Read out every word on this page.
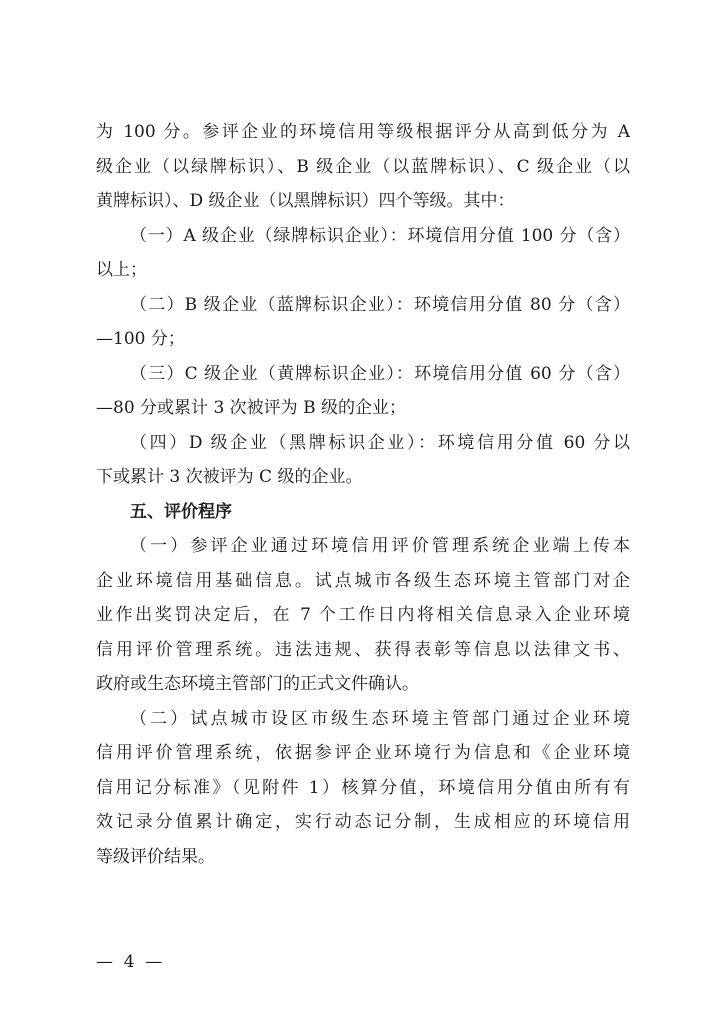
为 100 分。参评企业的环境信用等级根据评分从高到低分为 A
级企业（以绿牌标识）、B 级企业（以蓝牌标识）、C 级企业（以
黄牌标识）、D 级企业（以黑牌标识）四个等级。其中：
（一）A 级企业（绿牌标识企业）：环境信用分值 100 分（含）
以上；
（二）B 级企业（蓝牌标识企业）：环境信用分值 80 分（含）
—100 分；
（三）C 级企业（黄牌标识企业）：环境信用分值 60 分（含）
—80 分或累计 3 次被评为 B 级的企业；
（四）D 级企业（黑牌标识企业）：环境信用分值 60 分以
下或累计 3 次被评为 C 级的企业。
五、评价程序
（一）参评企业通过环境信用评价管理系统企业端上传本
企业环境信用基础信息。试点城市各级生态环境主管部门对企
业作出奖罚决定后，在 7 个工作日内将相关信息录入企业环境
信用评价管理系统。违法违规、获得表彰等信息以法律文书、
政府或生态环境主管部门的正式文件确认。
（二）试点城市设区市级生态环境主管部门通过企业环境
信用评价管理系统，依据参评企业环境行为信息和《企业环境
信用记分标准》（见附件 1）核算分值，环境信用分值由所有有
效记录分值累计确定，实行动态记分制，生成相应的环境信用
等级评价结果。
—  4  —
